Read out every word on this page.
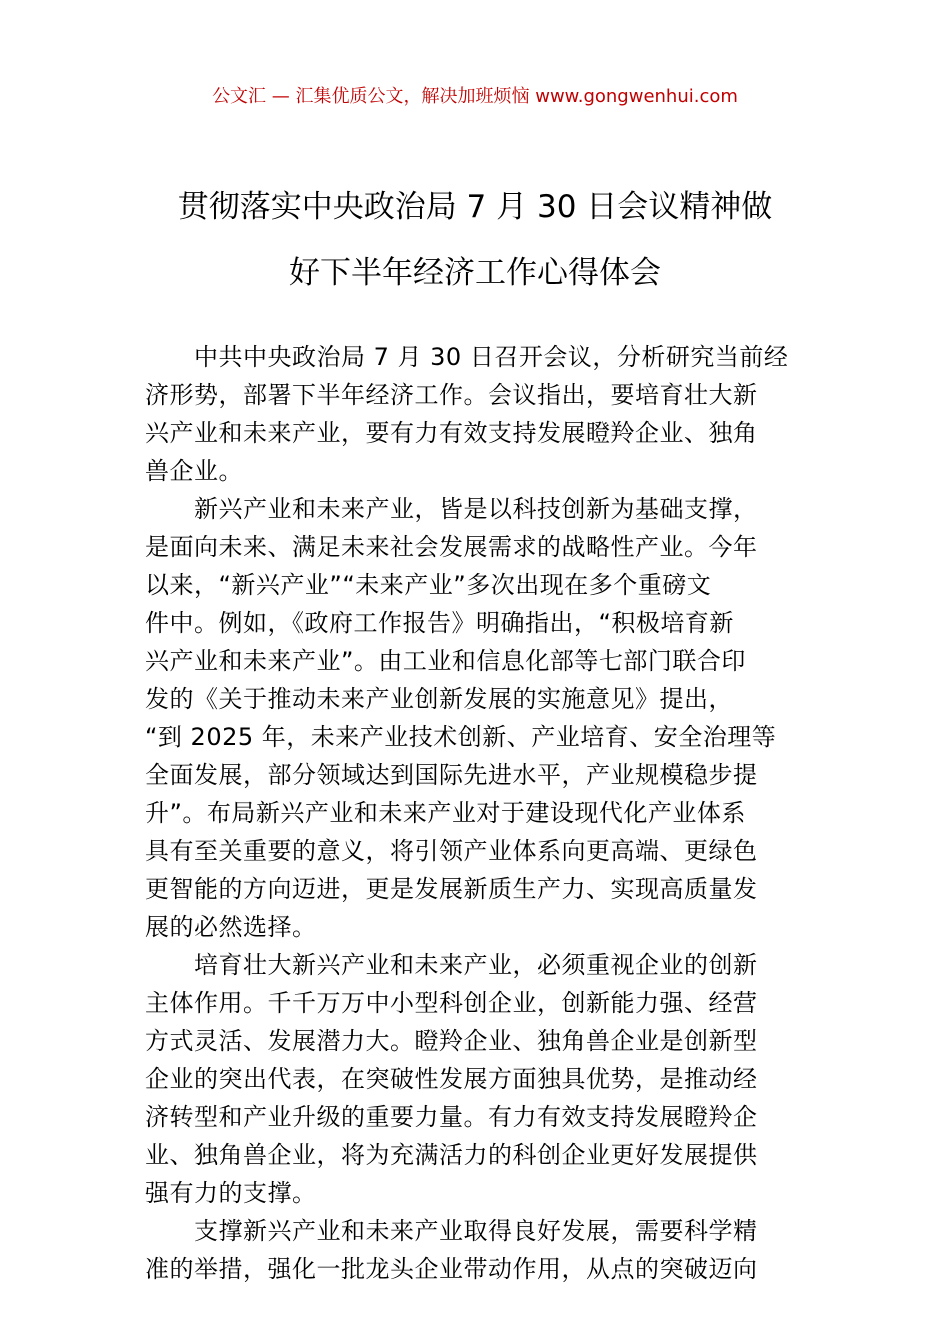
公文汇 — 汇集优质公文，解决加班烦恼 www.gongwenhui.com
贯彻落实中央政治局 7 月 30 日会议精神做
好下半年经济工作心得体会
　　中共中央政治局 7 月 30 日召开会议，分析研究当前经
济形势，部署下半年经济工作。会议指出，要培育壮大新
兴产业和未来产业，要有力有效支持发展瞪羚企业、独角
兽企业。
　　新兴产业和未来产业，皆是以科技创新为基础支撑，
是面向未来、满足未来社会发展需求的战略性产业。今年
以来，“新兴产业”“未来产业”多次出现在多个重磅文
件中。例如，《政府工作报告》明确指出，“积极培育新
兴产业和未来产业”。由工业和信息化部等七部门联合印
发的《关于推动未来产业创新发展的实施意见》提出，
“到 2025 年，未来产业技术创新、产业培育、安全治理等
全面发展，部分领域达到国际先进水平，产业规模稳步提
升”。布局新兴产业和未来产业对于建设现代化产业体系
具有至关重要的意义，将引领产业体系向更高端、更绿色
更智能的方向迈进，更是发展新质生产力、实现高质量发
展的必然选择。
　　培育壮大新兴产业和未来产业，必须重视企业的创新
主体作用。千千万万中小型科创企业，创新能力强、经营
方式灵活、发展潜力大。瞪羚企业、独角兽企业是创新型
企业的突出代表，在突破性发展方面独具优势，是推动经
济转型和产业升级的重要力量。有力有效支持发展瞪羚企
业、独角兽企业，将为充满活力的科创企业更好发展提供
强有力的支撑。
　　支撑新兴产业和未来产业取得良好发展，需要科学精
准的举措，强化一批龙头企业带动作用，从点的突破迈向
